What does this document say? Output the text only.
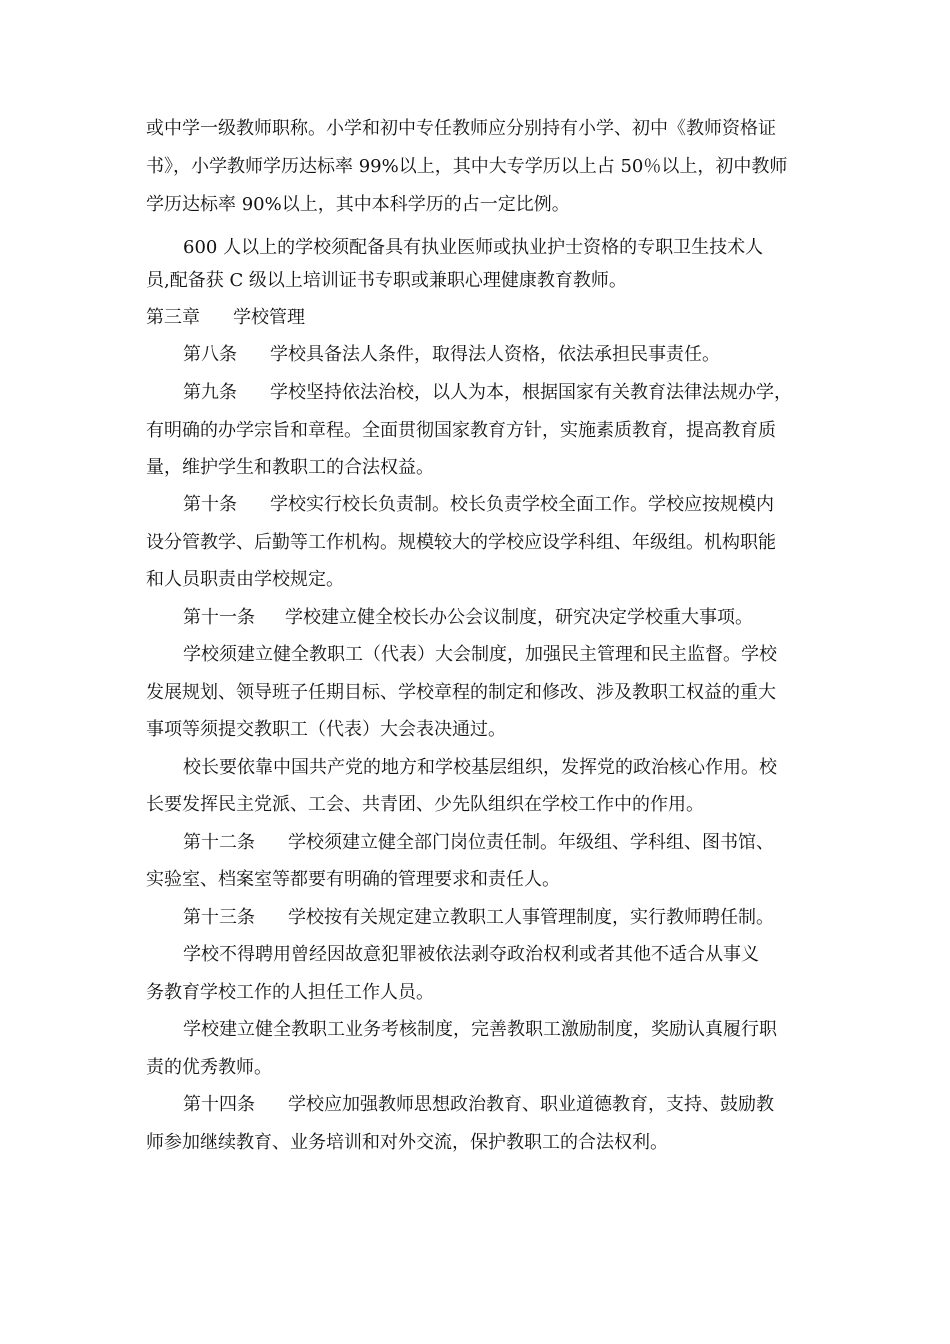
或中学一级教师职称。小学和初中专任教师应分别持有小学、初中《教师资格证
书》，小学教师学历达标率 99%以上，其中大专学历以上占 50％以上，初中教师
学历达标率 90%以上，其中本科学历的占一定比例。
600 人以上的学校须配备具有执业医师或执业护士资格的专职卫生技术人
员,配备获 C 级以上培训证书专职或兼职心理健康教育教师。
第三章 学校管理
第八条 学校具备法人条件，取得法人资格，依法承担民事责任。
第九条 学校坚持依法治校，以人为本，根据国家有关教育法律法规办学，
有明确的办学宗旨和章程。全面贯彻国家教育方针，实施素质教育，提高教育质
量，维护学生和教职工的合法权益。
第十条 学校实行校长负责制。校长负责学校全面工作。学校应按规模内
设分管教学、后勤等工作机构。规模较大的学校应设学科组、年级组。机构职能
和人员职责由学校规定。
第十一条 学校建立健全校长办公会议制度，研究决定学校重大事项。
学校须建立健全教职工（代表）大会制度，加强民主管理和民主监督。学校
发展规划、领导班子任期目标、学校章程的制定和修改、涉及教职工权益的重大
事项等须提交教职工（代表）大会表决通过。
校长要依靠中国共产党的地方和学校基层组织，发挥党的政治核心作用。校
长要发挥民主党派、工会、共青团、少先队组织在学校工作中的作用。
第十二条 学校须建立健全部门岗位责任制。年级组、学科组、图书馆、
实验室、档案室等都要有明确的管理要求和责任人。
第十三条 学校按有关规定建立教职工人事管理制度，实行教师聘任制。
学校不得聘用曾经因故意犯罪被依法剥夺政治权利或者其他不适合从事义
务教育学校工作的人担任工作人员。
学校建立健全教职工业务考核制度，完善教职工激励制度，奖励认真履行职
责的优秀教师。
第十四条 学校应加强教师思想政治教育、职业道德教育，支持、鼓励教
师参加继续教育、业务培训和对外交流，保护教职工的合法权利。
